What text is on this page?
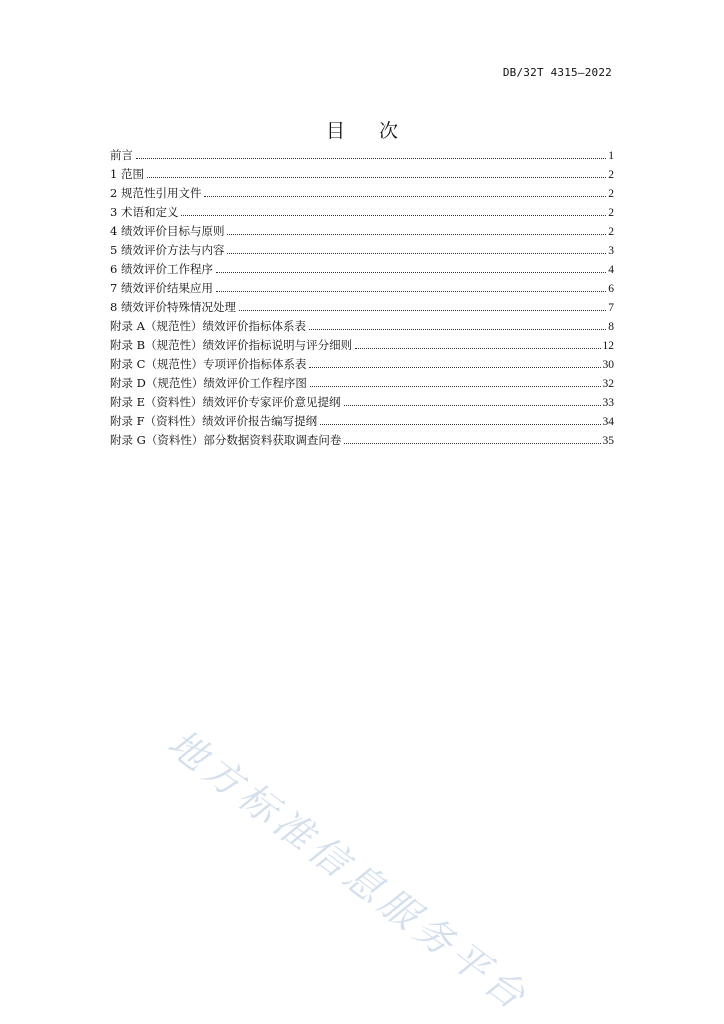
DB/32T 4315—2022
目次
前言	1
1 范围	2
2 规范性引用文件	2
3 术语和定义	2
4 绩效评价目标与原则	2
5 绩效评价方法与内容	3
6 绩效评价工作程序	4
7 绩效评价结果应用	6
8 绩效评价特殊情况处理	7
附录 A（规范性）绩效评价指标体系表	8
附录 B（规范性）绩效评价指标说明与评分细则	12
附录 C（规范性）专项评价指标体系表	30
附录 D（规范性）绩效评价工作程序图	32
附录 E（资料性）绩效评价专家评价意见提纲	33
附录 F（资料性）绩效评价报告编写提纲	34
附录 G（资料性）部分数据资料获取调查问卷	35
地方标准信息服务平台
